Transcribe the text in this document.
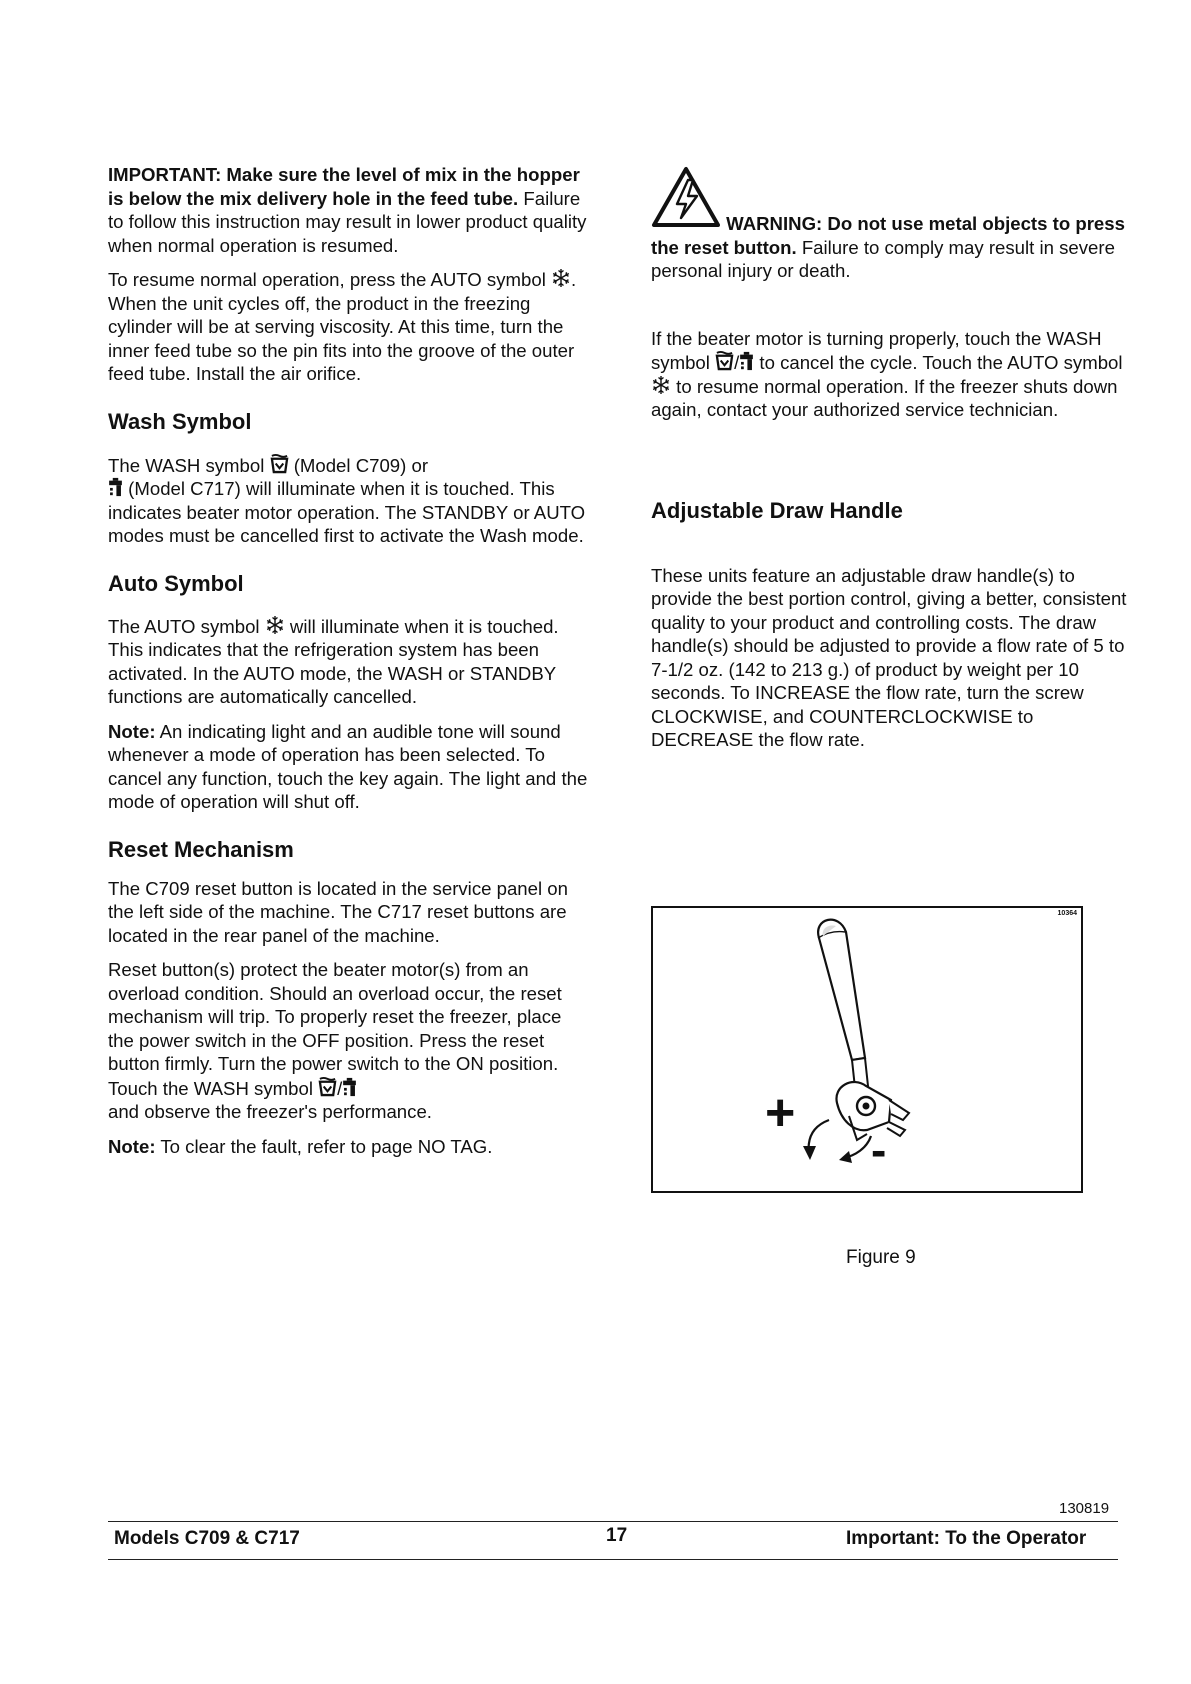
IMPORTANT: Make sure the level of mix in the hopper is below the mix delivery hole in the feed tube. Failure to follow this instruction may result in lower product quality when normal operation is resumed.

To resume normal operation, press the AUTO symbol
. When the unit cycles off, the product in the freezing cylinder will be at serving viscosity. At this time, turn the inner feed tube so the pin fits into the groove of the outer feed tube. Install the air orifice.

Wash Symbol

The WASH symbol
(Model C709) or

(Model C717) will illuminate when it is touched. This indicates beater motor operation. The STANDBY or AUTO modes must be cancelled first to activate the Wash mode.

Auto Symbol

The AUTO symbol
will illuminate when it is touched. This indicates that the refrigeration system has been activated. In the AUTO mode, the WASH or STANDBY functions are automatically cancelled.

Note: An indicating light and an audible tone will sound whenever a mode of operation has been selected. To cancel any function, touch the key again. The light and the mode of operation will shut off.

Reset Mechanism

The C709 reset button is located in the service panel on the left side of the machine. The C717 reset buttons are located in the rear panel of the machine.

Reset button(s) protect the beater motor(s) from an overload condition. Should an overload occur, the reset mechanism will trip. To properly reset the freezer, place the power switch in the OFF position. Press the reset button firmly. Turn the power switch to the ON position. Touch the WASH symbol
/

and observe the freezer's performance.

Note: To clear the fault, refer to page NO TAG.

WARNING: Do not use metal objects to press the reset button. Failure to comply may result in severe personal injury or death.

If the beater motor is turning properly, touch the WASH symbol
/
to cancel the cycle. Touch the AUTO symbol
to resume normal operation. If the freezer shuts down again, contact your authorized service technician.

Adjustable Draw Handle

These units feature an adjustable draw handle(s) to provide the best portion control, giving a better, consistent quality to your product and controlling costs. The draw handle(s) should be adjusted to provide a flow rate of 5 to 7-1/2 oz. (142 to 213 g.) of product by weight per 10 seconds. To INCREASE the flow rate, turn the screw CLOCKWISE, and COUNTERCLOCKWISE to DECREASE the flow rate.

10364
+
-
Figure 9
130819
Models C709 & C717	17	Important: To the Operator
